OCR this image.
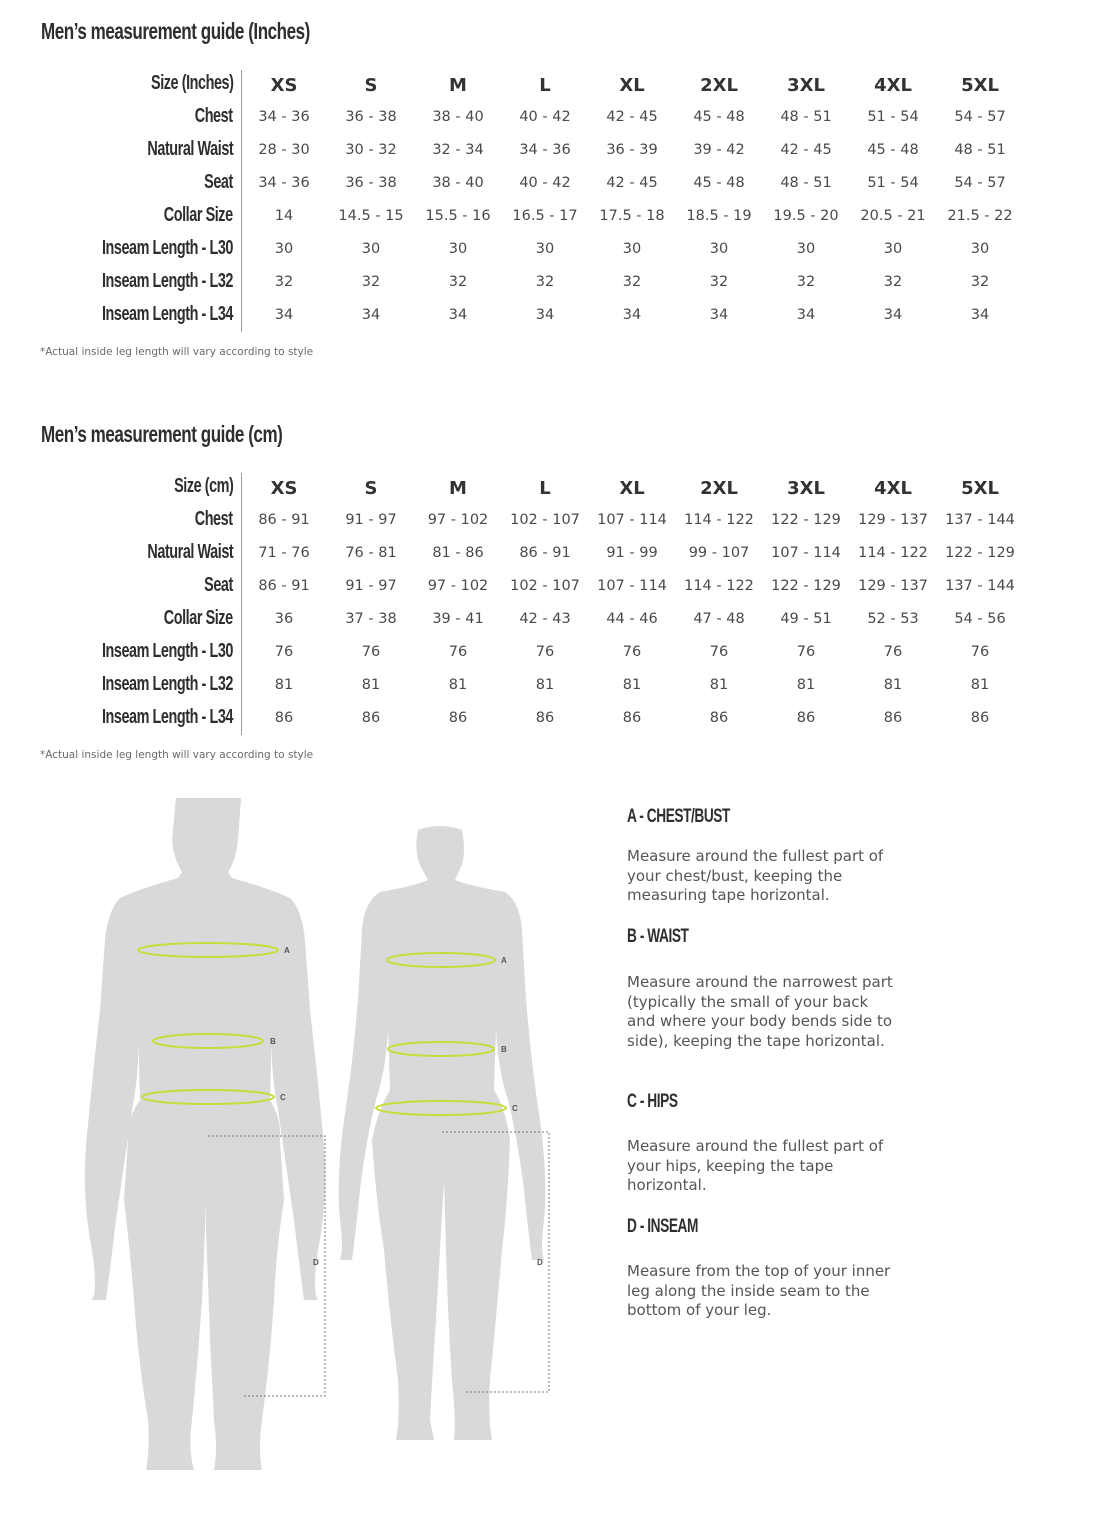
Men’s measurement guide (Inches)
Size (Inches)	XS	S	M	L	XL	2XL	3XL	4XL	5XL
Chest	34 - 36	36 - 38	38 - 40	40 - 42	42 - 45	45 - 48	48 - 51	51 - 54	54 - 57
Natural Waist	28 - 30	30 - 32	32 - 34	34 - 36	36 - 39	39 - 42	42 - 45	45 - 48	48 - 51
Seat	34 - 36	36 - 38	38 - 40	40 - 42	42 - 45	45 - 48	48 - 51	51 - 54	54 - 57
Collar Size	14	14.5 - 15	15.5 - 16	16.5 - 17	17.5 - 18	18.5 - 19	19.5 - 20	20.5 - 21	21.5 - 22
Inseam Length - L30	30	30	30	30	30	30	30	30	30
Inseam Length - L32	32	32	32	32	32	32	32	32	32
Inseam Length - L34	34	34	34	34	34	34	34	34	34
*Actual inside leg length will vary according to style
Men’s measurement guide (cm)
Size (cm)	XS	S	M	L	XL	2XL	3XL	4XL	5XL
Chest	86 - 91	91 - 97	97 - 102	102 - 107	107 - 114	114 - 122	122 - 129	129 - 137	137 - 144
Natural Waist	71 - 76	76 - 81	81 - 86	86 - 91	91 - 99	99 - 107	107 - 114	114 - 122	122 - 129
Seat	86 - 91	91 - 97	97 - 102	102 - 107	107 - 114	114 - 122	122 - 129	129 - 137	137 - 144
Collar Size	36	37 - 38	39 - 41	42 - 43	44 - 46	47 - 48	49 - 51	52 - 53	54 - 56
Inseam Length - L30	76	76	76	76	76	76	76	76	76
Inseam Length - L32	81	81	81	81	81	81	81	81	81
Inseam Length - L34	86	86	86	86	86	86	86	86	86
*Actual inside leg length will vary according to style
A
B
C
D
A
B
C
D
A - CHEST/BUST
Measure around the fullest part of your chest/bust, keeping the measuring tape horizontal.
B - WAIST
Measure around the narrowest part (typically the small of your back and where your body bends side to side), keeping the tape horizontal.
C - HIPS
Measure around the fullest part of your hips, keeping the tape horizontal.
D - INSEAM
Measure from the top of your inner leg along the inside seam to the bottom of your leg.
